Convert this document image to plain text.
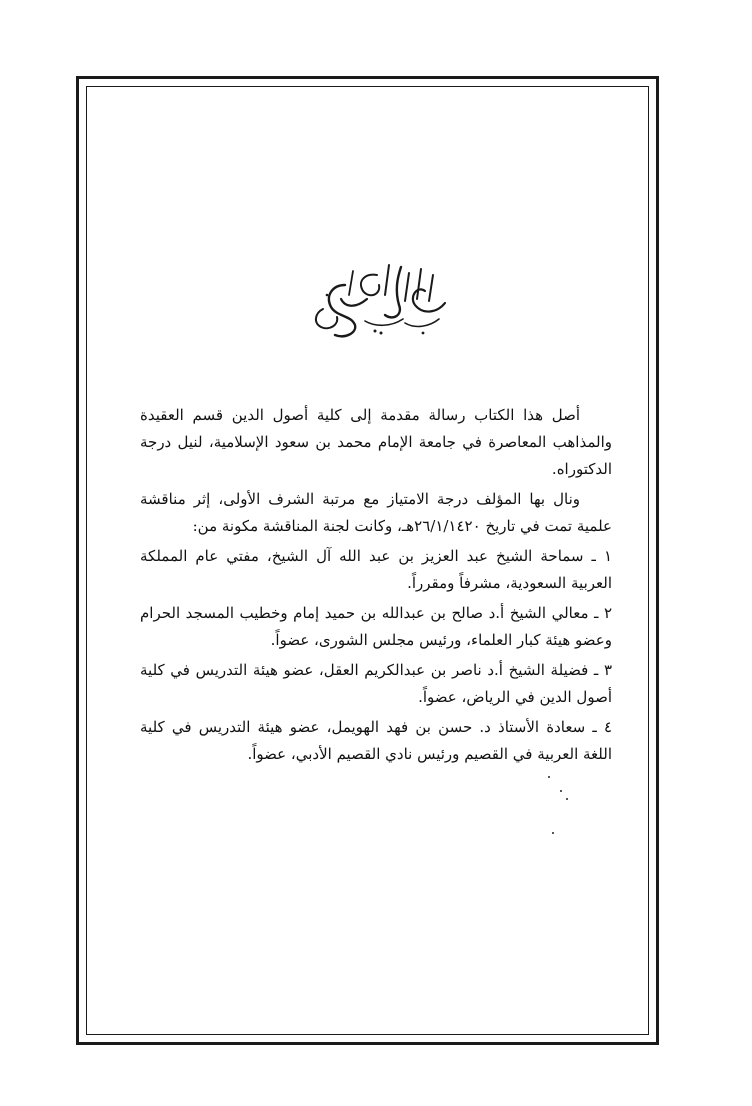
أصل هذا الكتاب رسالة مقدمة إلى كلية أصول الدين قسم العقيدة والمذاهب المعاصرة في جامعة الإمام محمد بن سعود الإسلامية، لنيل درجة الدكتوراه.

ونال بها المؤلف درجة الامتياز مع مرتبة الشرف الأولى، إثر مناقشة علمية تمت في تاريخ ٢٦/١/١٤٢٠هـ، وكانت لجنة المناقشة مكونة من:

١ ـ سماحة الشيخ عبد العزيز بن عبد الله آل الشيخ، مفتي عام المملكة العربية السعودية، مشرفاً ومقرراً.

٢ ـ معالي الشيخ أ.د صالح بن عبدالله بن حميد إمام وخطيب المسجد الحرام وعضو هيئة كبار العلماء، ورئيس مجلس الشورى، عضواً.

٣ ـ فضيلة الشيخ أ.د ناصر بن عبدالكريم العقل، عضو هيئة التدريس في كلية أصول الدين في الرياض، عضواً.

٤ ـ سعادة الأستاذ د. حسن بن فهد الهويمل، عضو هيئة التدريس في كلية اللغة العربية في القصيم ورئيس نادي القصيم الأدبي، عضواً.
